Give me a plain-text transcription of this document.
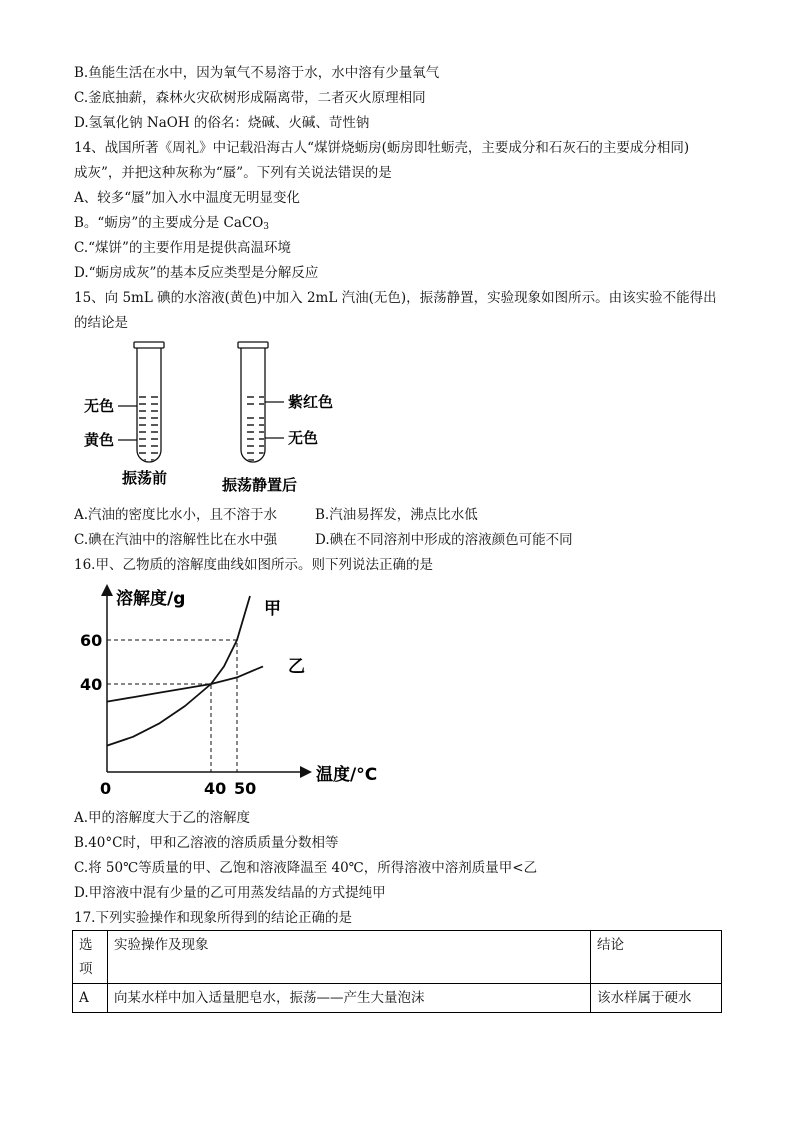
B.鱼能生活在水中，因为氧气不易溶于水，水中溶有少量氧气
C.釜底抽薪，森林火灾砍树形成隔离带，二者灭火原理相同
D.氢氧化钠 NaOH 的俗名：烧碱、火碱、苛性钠
14、战国所著《周礼》中记载沿海古人“煤饼烧蛎房(蛎房即牡蛎壳，主要成分和石灰石的主要成分相同)
成灰”，并把这种灰称为“蜃”。下列有关说法错误的是
A、较多“蜃”加入水中温度无明显变化
B。“蛎房”的主要成分是 CaCO$_3$
C.“煤饼”的主要作用是提供高温环境
D.“蛎房成灰”的基本反应类型是分解反应
15、向 5mL 碘的水溶液(黄色)中加入 2mL 汽油(无色)，振荡静置，实验现象如图所示。由该实验不能得出
的结论是
无色
黄色
振荡前
紫红色
无色
振荡静置后
A.汽油的密度比水小，且不溶于水	B.汽油易挥发，沸点比水低
C.碘在汽油中的溶解性比在水中强	D.碘在不同溶剂中形成的溶液颜色可能不同
16.甲、乙物质的溶解度曲线如图所示。则下列说法正确的是
溶解度/g
温度/°C
0	40 50
60
40
甲
乙
A.甲的溶解度大于乙的溶解度
B.40°C时，甲和乙溶液的溶质质量分数相等
C.将 50℃等质量的甲、乙饱和溶液降温至 40℃，所得溶液中溶剂质量甲<乙
D.甲溶液中混有少量的乙可用蒸发结晶的方式提纯甲
17.下列实验操作和现象所得到的结论正确的是
选项	实验操作及现象	结论
A	向某水样中加入适量肥皂水，振荡——产生大量泡沫	该水样属于硬水
